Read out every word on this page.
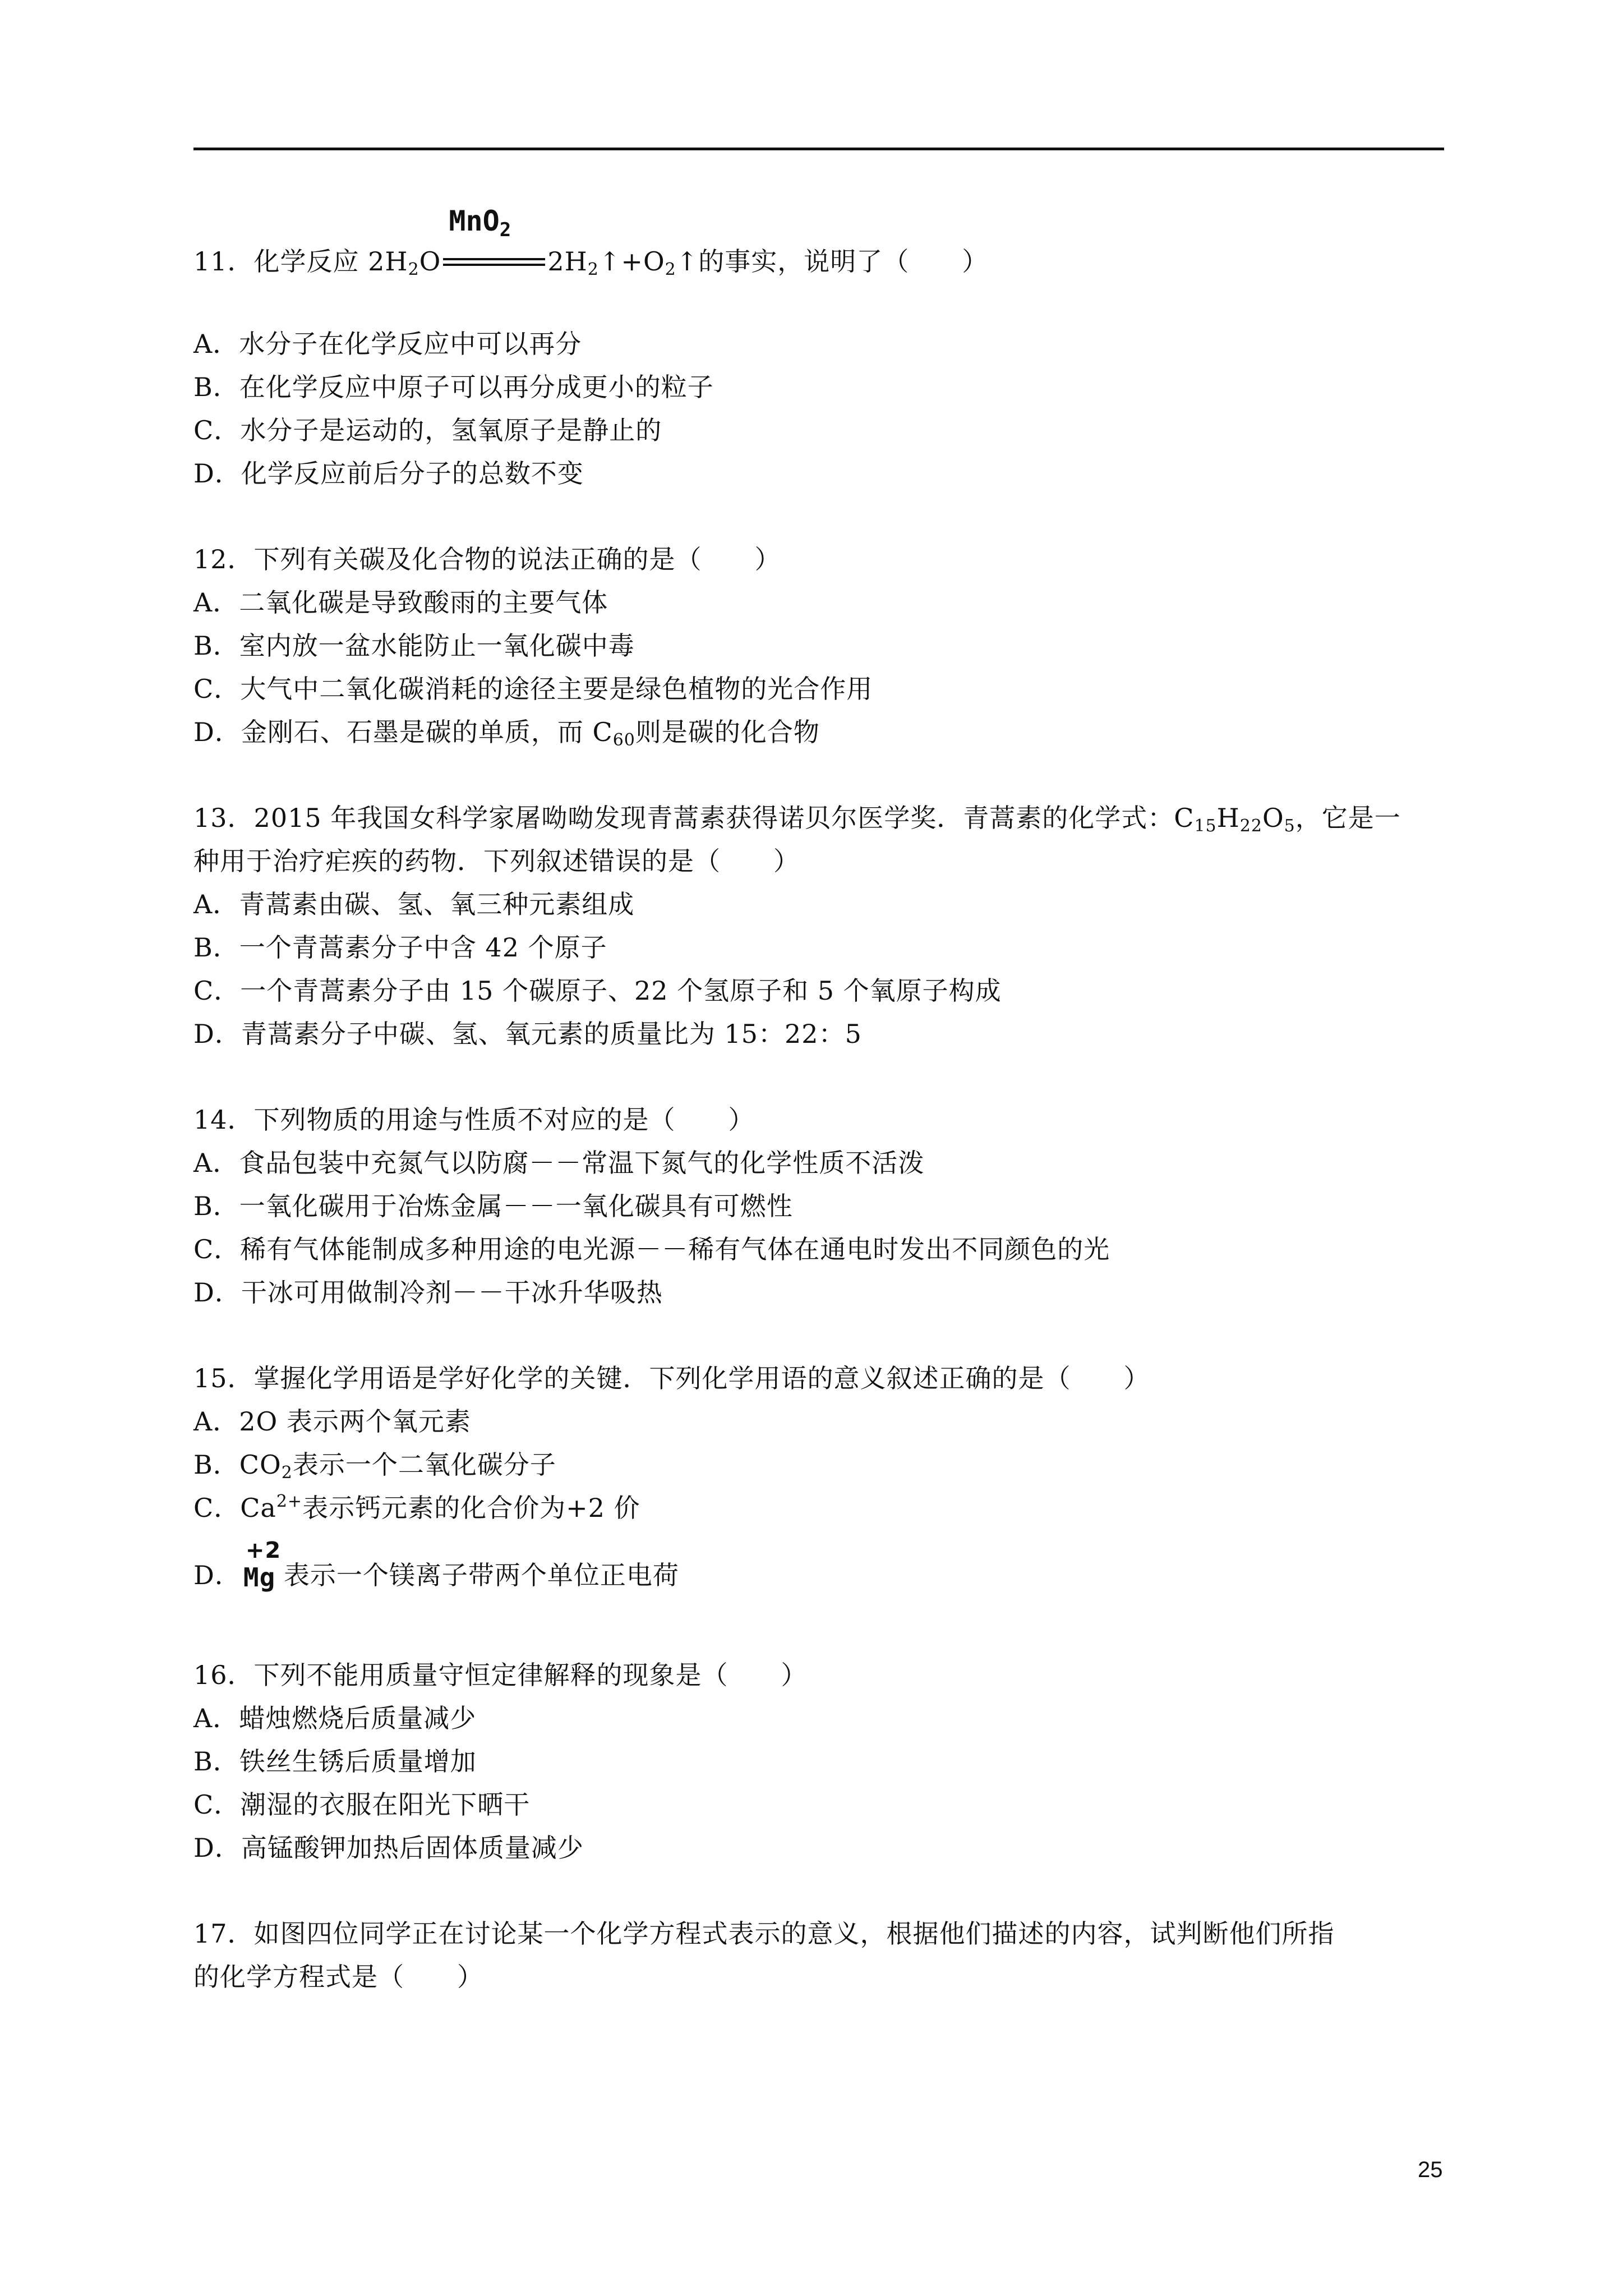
11．化学反应 $2H_2O$
MnO$_2$
$2H_2↑+O_2↑$的事实，说明了（　　）
A．水分子在化学反应中可以再分
B．在化学反应中原子可以再分成更小的粒子
C．水分子是运动的，氢氧原子是静止的
D．化学反应前后分子的总数不变
12．下列有关碳及化合物的说法正确的是（　　）
A．二氧化碳是导致酸雨的主要气体
B．室内放一盆水能防止一氧化碳中毒
C．大气中二氧化碳消耗的途径主要是绿色植物的光合作用
D．金刚石、石墨是碳的单质，而 $C_{60}$则是碳的化合物
13．2015 年我国女科学家屠呦呦发现青蒿素获得诺贝尔医学奖．青蒿素的化学式：$C_{15}H_{22}O_5$，它是一
种用于治疗疟疾的药物．下列叙述错误的是（　　）
A．青蒿素由碳、氢、氧三种元素组成
B．一个青蒿素分子中含 42 个原子
C．一个青蒿素分子由 15 个碳原子、22 个氢原子和 5 个氧原子构成
D．青蒿素分子中碳、氢、氧元素的质量比为 15：22：5
14．下列物质的用途与性质不对应的是（　　）
A．食品包装中充氮气以防腐－－常温下氮气的化学性质不活泼
B．一氧化碳用于冶炼金属－－一氧化碳具有可燃性
C．稀有气体能制成多种用途的电光源－－稀有气体在通电时发出不同颜色的光
D．干冰可用做制冷剂－－干冰升华吸热
15．掌握化学用语是学好化学的关键．下列化学用语的意义叙述正确的是（　　）
A．2O 表示两个氧元素
B．$CO_2$表示一个二氧化碳分子
C．$Ca^{2+}$表示钙元素的化合价为+2 价
D．
+2
Mg 表示一个镁离子带两个单位正电荷
16．下列不能用质量守恒定律解释的现象是（　　）
A．蜡烛燃烧后质量减少
B．铁丝生锈后质量增加
C．潮湿的衣服在阳光下晒干
D．高锰酸钾加热后固体质量减少
17．如图四位同学正在讨论某一个化学方程式表示的意义，根据他们描述的内容，试判断他们所指
的化学方程式是（　　）
25
